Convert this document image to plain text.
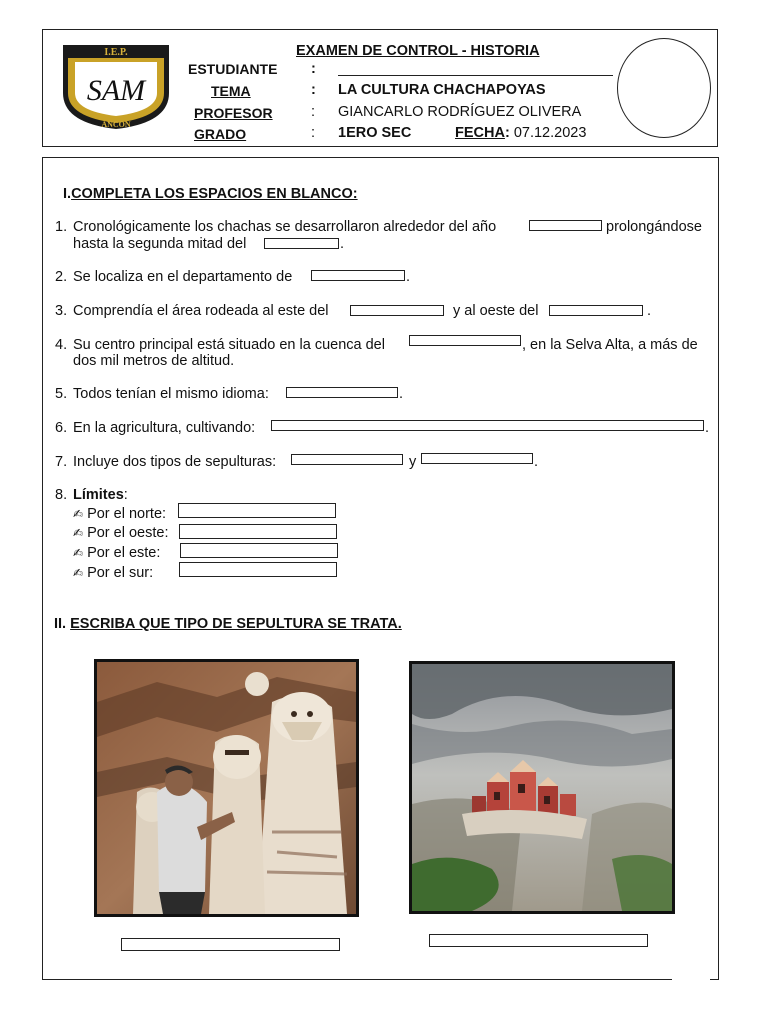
I.E.P.
SAM
ANCON
EXAMEN DE CONTROL - HISTORIA
ESTUDIANTE :
TEMA	: LA CULTURA CHACHAPOYAS
PROFESOR	: GIANCARLO RODRÍGUEZ OLIVERA
GRADO	: 1ERO SEC	FECHA: 07.12.2023
I.COMPLETA LOS ESPACIOS EN BLANCO:
1. Cronológicamente los chachas se desarrollaron alrededor del año	prolongándose
hasta la segunda mitad del	.
2. Se localiza en el departamento de	.
3. Comprendía el área rodeada al este del	y al oeste del	.
4. Su centro principal está situado en la cuenca del	, en la Selva Alta, a más de
dos mil metros de altitud.
5. Todos tenían el mismo idioma:	.
6. En la agricultura, cultivando:	.
7. Incluye dos tipos de sepulturas:	y	.
8. Límites:
✍ Por el norte:
✍ Por el oeste:
✍ Por el este:
✍ Por el sur:
II. ESCRIBA QUE TIPO DE SEPULTURA SE TRATA.
